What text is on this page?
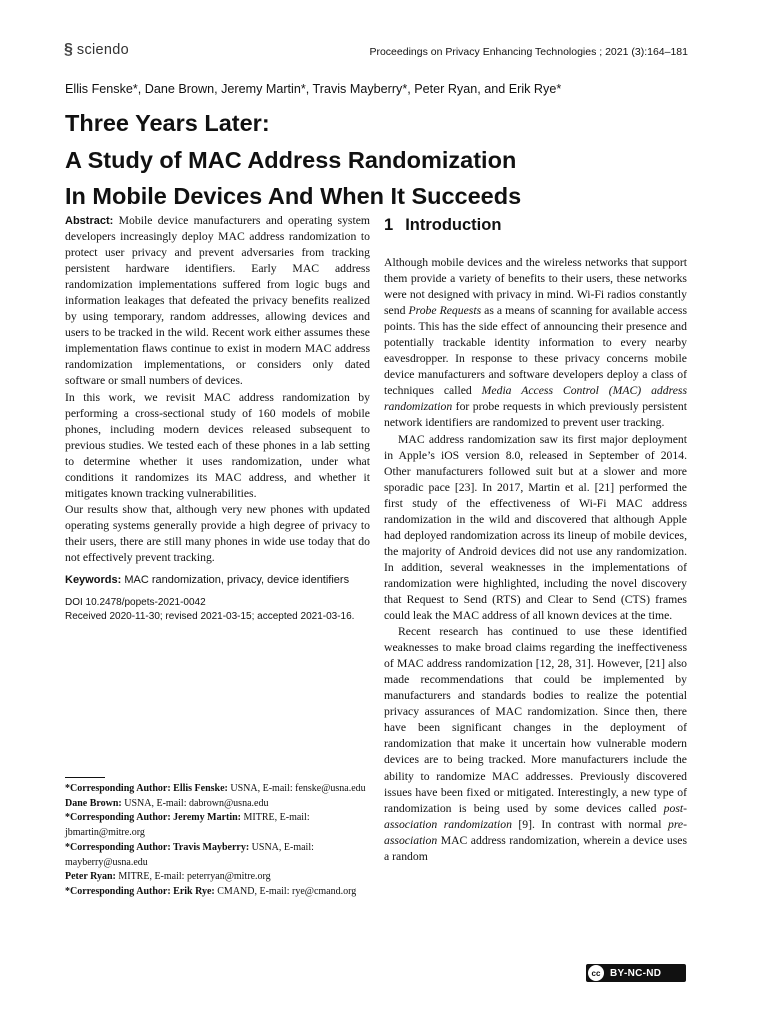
§ sciendo	Proceedings on Privacy Enhancing Technologies ; 2021 (3):164–181
Ellis Fenske*, Dane Brown, Jeremy Martin*, Travis Mayberry*, Peter Ryan, and Erik Rye*
Three Years Later:
A Study of MAC Address Randomization
In Mobile Devices And When It Succeeds

Abstract: Mobile device manufacturers and operating system developers increasingly deploy MAC address randomization to protect user privacy and prevent adversaries from tracking persistent hardware identifiers. Early MAC address randomization implementations suffered from logic bugs and information leakages that defeated the privacy benefits realized by using temporary, random addresses, allowing devices and users to be tracked in the wild. Recent work either assumes these implementation flaws continue to exist in modern MAC address randomization implementations, or considers only dated software or small numbers of devices.

In this work, we revisit MAC address randomization by performing a cross-sectional study of 160 models of mobile phones, including modern devices released subsequent to previous studies. We tested each of these phones in a lab setting to determine whether it uses randomization, under what conditions it randomizes its MAC address, and whether it mitigates known tracking vulnerabilities.

Our results show that, although very new phones with updated operating systems generally provide a high degree of privacy to their users, there are still many phones in wide use today that do not effectively prevent tracking.

Keywords: MAC randomization, privacy, device identifiers
DOI 10.2478/popets-2021-0042
Received 2020-11-30; revised 2021-03-15; accepted 2021-03-16.
*Corresponding Author: Ellis Fenske: USNA, E-mail: fenske@usna.edu
Dane Brown: USNA, E-mail: dabrown@usna.edu
*Corresponding Author: Jeremy Martin: MITRE, E-mail: jbmartin@mitre.org
*Corresponding Author: Travis Mayberry: USNA, E-mail: mayberry@usna.edu
Peter Ryan: MITRE, E-mail: peterryan@mitre.org
*Corresponding Author: Erik Rye: CMAND, E-mail: rye@cmand.org
1 Introduction

Although mobile devices and the wireless networks that support them provide a variety of benefits to their users, these networks were not designed with privacy in mind. Wi-Fi radios constantly send Probe Requests as a means of scanning for available access points. This has the side effect of announcing their presence and potentially trackable identity information to every nearby eavesdropper. In response to these privacy concerns mobile device manufacturers and software developers deploy a class of techniques called Media Access Control (MAC) address randomization for probe requests in which previously persistent network identifiers are randomized to prevent user tracking.

MAC address randomization saw its first major deployment in Apple’s iOS version 8.0, released in September of 2014. Other manufacturers followed suit but at a slower and more sporadic pace [23]. In 2017, Martin et al. [21] performed the first study of the effectiveness of Wi-Fi MAC address randomization in the wild and discovered that although Apple had deployed randomization across its lineup of mobile devices, the majority of Android devices did not use any randomization. In addition, several weaknesses in the implementations of randomization were highlighted, including the novel discovery that Request to Send (RTS) and Clear to Send (CTS) frames could leak the MAC address of all known devices at the time.

Recent research has continued to use these identified weaknesses to make broad claims regarding the ineffectiveness of MAC address randomization [12, 28, 31]. However, [21] also made recommendations that could be implemented by manufacturers and standards bodies to realize the potential privacy assurances of MAC randomization. Since then, there have been significant changes in the deployment of randomization that make it uncertain how vulnerable modern devices are to being tracked. More manufacturers include the ability to randomize MAC addresses. Previously discovered issues have been fixed or mitigated. Interestingly, a new type of randomization is being used by some devices called post-association randomization [9]. In contrast with normal pre-association MAC address randomization, wherein a device uses a random

cc BY-NC-ND
